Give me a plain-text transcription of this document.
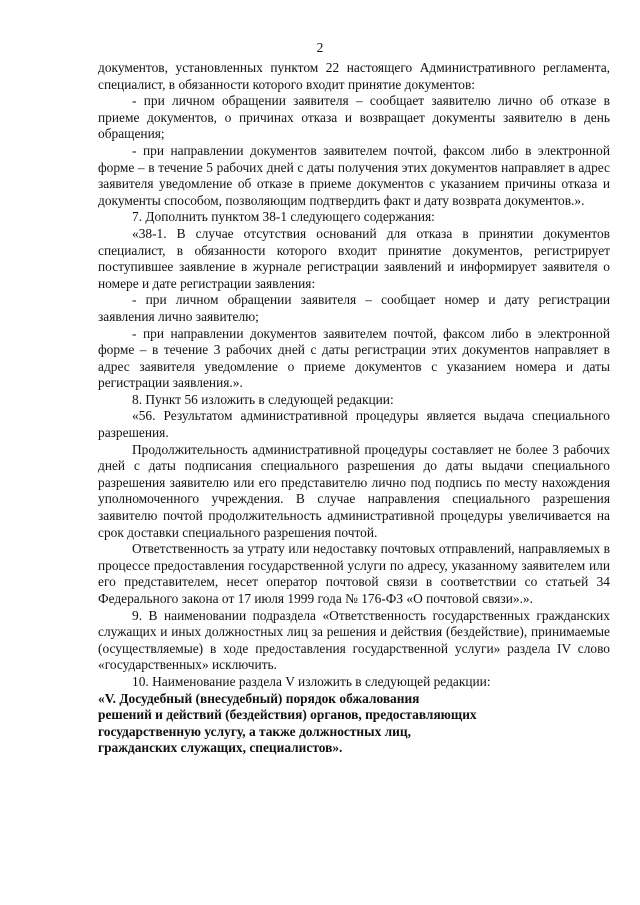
2

документов, установленных пунктом 22 настоящего Административного регламента, специалист, в обязанности которого входит принятие документов:

- при личном обращении заявителя – сообщает заявителю лично об отказе в приеме документов, о причинах отказа и возвращает документы заявителю в день обращения;

- при направлении документов заявителем почтой, факсом либо в электронной форме – в течение 5 рабочих дней с даты получения этих документов направляет в адрес заявителя уведомление об отказе в приеме документов с указанием причины отказа и документы способом, позволяющим подтвердить факт и дату возврата документов.».

7. Дополнить пунктом 38-1 следующего содержания:

«38-1. В случае отсутствия оснований для отказа в принятии документов специалист, в обязанности которого входит принятие документов, регистрирует поступившее заявление в журнале регистрации заявлений и информирует заявителя о номере и дате регистрации заявления:

- при личном обращении заявителя – сообщает номер и дату регистрации заявления лично заявителю;

- при направлении документов заявителем почтой, факсом либо в электронной форме – в течение 3 рабочих дней с даты регистрации этих документов направляет в адрес заявителя уведомление о приеме документов с указанием номера и даты регистрации заявления.».

8. Пункт 56 изложить в следующей редакции:

«56. Результатом административной процедуры является выдача специального разрешения.

Продолжительность административной процедуры составляет не более 3 рабочих дней с даты подписания специального разрешения до даты выдачи специального разрешения заявителю или его представителю лично под подпись по месту нахождения уполномоченного учреждения. В случае направления специального разрешения заявителю почтой продолжительность административной процедуры увеличивается на срок доставки специального разрешения почтой.

Ответственность за утрату или недоставку почтовых отправлений, направляемых в процессе предоставления государственной услуги по адресу, указанному заявителем или его представителем, несет оператор почтовой связи в соответствии со статьей 34 Федерального закона от 17 июля 1999 года № 176-ФЗ «О почтовой связи».».

9. В наименовании подраздела «Ответственность государственных гражданских служащих и иных должностных лиц за решения и действия (бездействие), принимаемые (осуществляемые) в ходе предоставления государственной услуги» раздела IV слово «государственных» исключить.

10. Наименование раздела V изложить в следующей редакции:

«V. Досудебный (внесудебный) порядок обжалования

решений и действий (бездействия) органов, предоставляющих

государственную услугу, а также должностных лиц,

гражданских служащих, специалистов».
